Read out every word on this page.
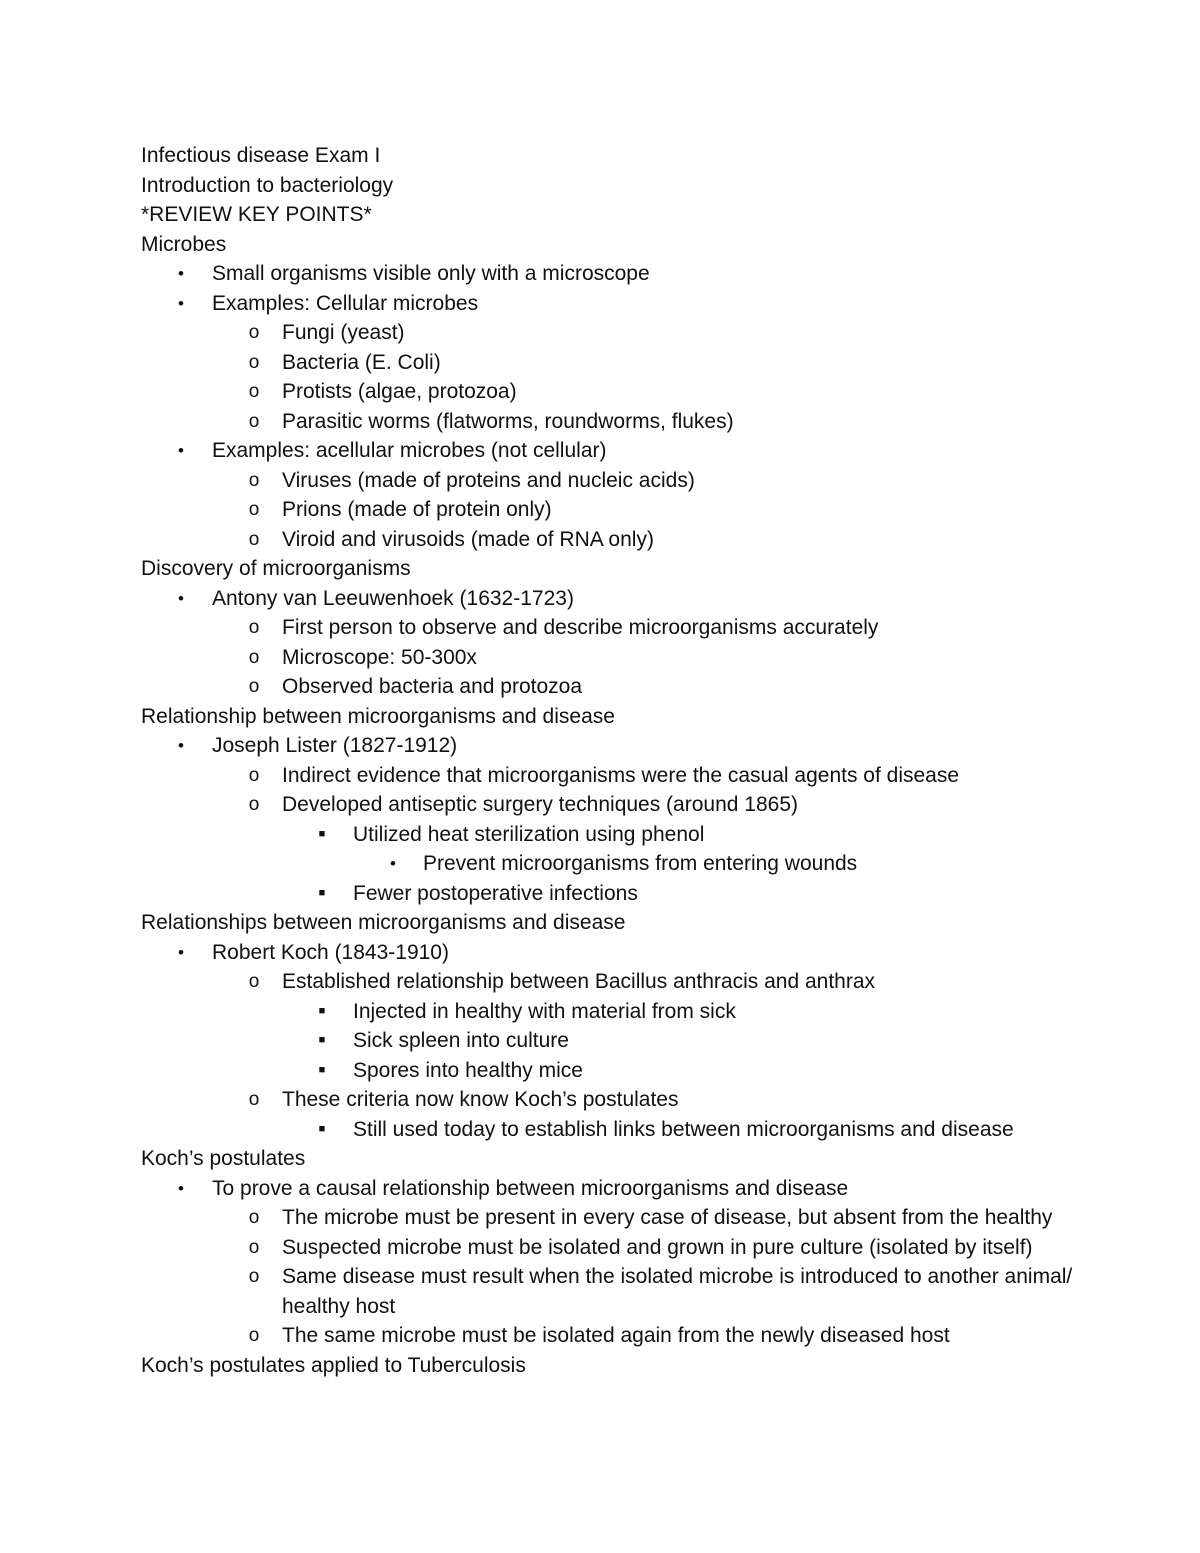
Infectious disease Exam I
Introduction to bacteriology
*REVIEW KEY POINTS*
Microbes
•	Small organisms visible only with a microscope
•	Examples: Cellular microbes
o Fungi (yeast)
o Bacteria (E. Coli)
o Protists (algae, protozoa)
o Parasitic worms (flatworms, roundworms, flukes)
•	Examples: acellular microbes (not cellular)
o Viruses (made of proteins and nucleic acids)
o Prions (made of protein only)
o Viroid and virusoids (made of RNA only)
Discovery of microorganisms
•	Antony van Leeuwenhoek (1632-1723)
o First person to observe and describe microorganisms accurately
o Microscope: 50-300x
o Observed bacteria and protozoa
Relationship between microorganisms and disease
•	Joseph Lister (1827-1912)
o Indirect evidence that microorganisms were the casual agents of disease
o Developed antiseptic surgery techniques (around 1865)
■	Utilized heat sterilization using phenol
•	Prevent microorganisms from entering wounds
■	Fewer postoperative infections
Relationships between microorganisms and disease
•	Robert Koch (1843-1910)
o Established relationship between Bacillus anthracis and anthrax
■	Injected in healthy with material from sick
■	Sick spleen into culture
■	Spores into healthy mice
o These criteria now know Koch’s postulates
■	Still used today to establish links between microorganisms and disease
Koch’s postulates
•	To prove a causal relationship between microorganisms and disease
o The microbe must be present in every case of disease, but absent from the healthy
o Suspected microbe must be isolated and grown in pure culture (isolated by itself)
o Same disease must result when the isolated microbe is introduced to another animal/ healthy host
o The same microbe must be isolated again from the newly diseased host
Koch’s postulates applied to Tuberculosis
